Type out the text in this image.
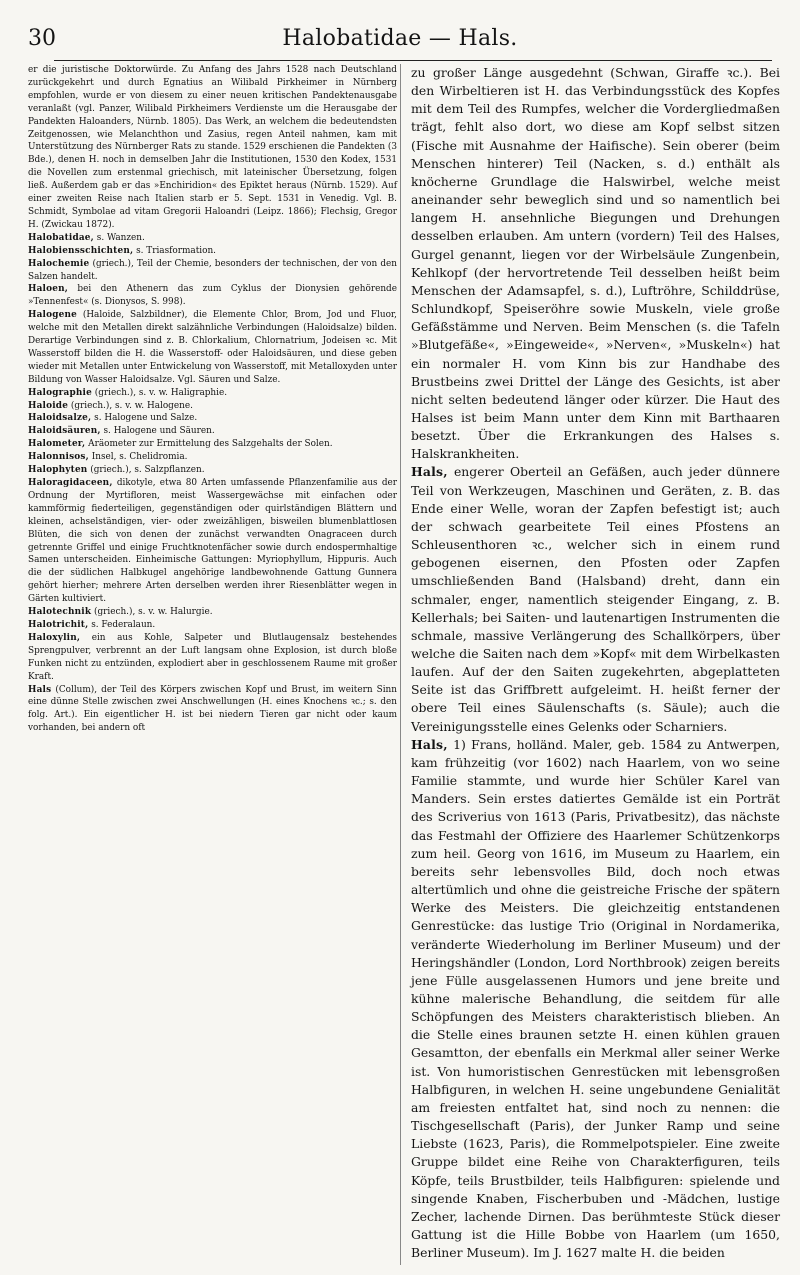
30	Halobatidae — Hals.

er die juristische Doktorwürde. Zu Anfang des Jahrs 1528 nach Deutschland zurückgekehrt und durch Egnatius an Wilibald Pirkheimer in Nürnberg empfohlen, wurde er von diesem zu einer neuen kritischen Pandektenausgabe veranlaßt (vgl. Panzer, Wilibald Pirkheimers Verdienste um die Herausgabe der Pandekten Haloanders, Nürnb. 1805). Das Werk, an welchem die bedeutendsten Zeitgenossen, wie Melanchthon und Zasius, regen Anteil nahmen, kam mit Unterstützung des Nürnberger Rats zu stande. 1529 erschienen die Pandekten (3 Bde.), denen H. noch in demselben Jahr die Institutionen, 1530 den Kodex, 1531 die Novellen zum erstenmal griechisch, mit lateinischer Übersetzung, folgen ließ. Außerdem gab er das »Enchiridion« des Epiktet heraus (Nürnb. 1529). Auf einer zweiten Reise nach Italien starb er 5. Sept. 1531 in Venedig. Vgl. B. Schmidt, Symbolae ad vitam Gregorii Haloandri (Leipz. 1866); Flechsig, Gregor H. (Zwickau 1872).

Halobatidae, s. Wanzen.

Halobiensschichten, s. Triasformation.

Halochemie (griech.), Teil der Chemie, besonders der technischen, der von den Salzen handelt.

Haloen, bei den Athenern das zum Cyklus der Dionysien gehörende »Tennenfest« (s. Dionysos, S. 998).

Halogene (Haloide, Salzbildner), die Elemente Chlor, Brom, Jod und Fluor, welche mit den Metallen direkt salzähnliche Verbindungen (Haloidsalze) bilden. Derartige Verbindungen sind z. B. Chlorkalium, Chlornatrium, Jodeisen ꝛc. Mit Wasserstoff bilden die H. die Wasserstoff- oder Haloidsäuren, und diese geben wieder mit Metallen unter Entwickelung von Wasserstoff, mit Metalloxyden unter Bildung von Wasser Haloidsalze. Vgl. Säuren und Salze.

Halographie (griech.), s. v. w. Haligraphie.

Haloide (griech.), s. v. w. Halogene.

Haloidsalze, s. Halogene und Salze.

Haloidsäuren, s. Halogene und Säuren.

Halometer, Aräometer zur Ermittelung des Salzgehalts der Solen.

Halonnisos, Insel, s. Chelidromia.

Halophyten (griech.), s. Salzpflanzen.

Haloragidaceen, dikotyle, etwa 80 Arten umfassende Pflanzenfamilie aus der Ordnung der Myrtifloren, meist Wassergewächse mit einfachen oder kammförmig fiederteiligen, gegenständigen oder quirlständigen Blättern und kleinen, achselständigen, vier- oder zweizähligen, bisweilen blumenblattlosen Blüten, die sich von denen der zunächst verwandten Onagraceen durch getrennte Griffel und einige Fruchtknotenfächer sowie durch endospermhaltige Samen unterscheiden. Einheimische Gattungen: Myriophyllum, Hippuris. Auch die der südlichen Halbkugel angehörige landbewohnende Gattung Gunnera gehört hierher; mehrere Arten derselben werden ihrer Riesenblätter wegen in Gärten kultiviert.

Halotechnik (griech.), s. v. w. Halurgie.

Halotrichit, s. Federalaun.

Haloxylin, ein aus Kohle, Salpeter und Blutlaugensalz bestehendes Sprengpulver, verbrennt an der Luft langsam ohne Explosion, ist durch bloße Funken nicht zu entzünden, explodiert aber in geschlossenem Raume mit großer Kraft.

Hals (Collum), der Teil des Körpers zwischen Kopf und Brust, im weitern Sinn eine dünne Stelle zwischen zwei Anschwellungen (H. eines Knochens ꝛc.; s. den folg. Art.). Ein eigentlicher H. ist bei niedern Tieren gar nicht oder kaum vorhanden, bei andern oft

zu großer Länge ausgedehnt (Schwan, Giraffe ꝛc.). Bei den Wirbeltieren ist H. das Verbindungsstück des Kopfes mit dem Teil des Rumpfes, welcher die Vordergliedmaßen trägt, fehlt also dort, wo diese am Kopf selbst sitzen (Fische mit Ausnahme der Haifische). Sein oberer (beim Menschen hinterer) Teil (Nacken, s. d.) enthält als knöcherne Grundlage die Halswirbel, welche meist aneinander sehr beweglich sind und so namentlich bei langem H. ansehnliche Biegungen und Drehungen desselben erlauben. Am untern (vordern) Teil des Halses, Gurgel genannt, liegen vor der Wirbelsäule Zungenbein, Kehlkopf (der hervortretende Teil desselben heißt beim Menschen der Adamsapfel, s. d.), Luftröhre, Schilddrüse, Schlundkopf, Speiseröhre sowie Muskeln, viele große Gefäßstämme und Nerven. Beim Menschen (s. die Tafeln »Blutgefäße«, »Eingeweide«, »Nerven«, »Muskeln«) hat ein normaler H. vom Kinn bis zur Handhabe des Brustbeins zwei Drittel der Länge des Gesichts, ist aber nicht selten bedeutend länger oder kürzer. Die Haut des Halses ist beim Mann unter dem Kinn mit Barthaaren besetzt. Über die Erkrankungen des Halses s. Halskrankheiten.

Hals, engerer Oberteil an Gefäßen, auch jeder dünnere Teil von Werkzeugen, Maschinen und Geräten, z. B. das Ende einer Welle, woran der Zapfen befestigt ist; auch der schwach gearbeitete Teil eines Pfostens an Schleusenthoren ꝛc., welcher sich in einem rund gebogenen eisernen, den Pfosten oder Zapfen umschließenden Band (Halsband) dreht, dann ein schmaler, enger, namentlich steigender Eingang, z. B. Kellerhals; bei Saiten- und lautenartigen Instrumenten die schmale, massive Verlängerung des Schallkörpers, über welche die Saiten nach dem »Kopf« mit dem Wirbelkasten laufen. Auf der den Saiten zugekehrten, abgeplatteten Seite ist das Griffbrett aufgeleimt. H. heißt ferner der obere Teil eines Säulenschafts (s. Säule); auch die Vereinigungsstelle eines Gelenks oder Scharniers.

Hals, 1) Frans, holländ. Maler, geb. 1584 zu Antwerpen, kam frühzeitig (vor 1602) nach Haarlem, von wo seine Familie stammte, und wurde hier Schüler Karel van Manders. Sein erstes datiertes Gemälde ist ein Porträt des Scriverius von 1613 (Paris, Privatbesitz), das nächste das Festmahl der Offiziere des Haarlemer Schützenkorps zum heil. Georg von 1616, im Museum zu Haarlem, ein bereits sehr lebensvolles Bild, doch noch etwas altertümlich und ohne die geistreiche Frische der spätern Werke des Meisters. Die gleichzeitig entstandenen Genrestücke: das lustige Trio (Original in Nordamerika, veränderte Wiederholung im Berliner Museum) und der Heringshändler (London, Lord Northbrook) zeigen bereits jene Fülle ausgelassenen Humors und jene breite und kühne malerische Behandlung, die seitdem für alle Schöpfungen des Meisters charakteristisch blieben. An die Stelle eines braunen setzte H. einen kühlen grauen Gesamtton, der ebenfalls ein Merkmal aller seiner Werke ist. Von humoristischen Genrestücken mit lebensgroßen Halbfiguren, in welchen H. seine ungebundene Genialität am freiesten entfaltet hat, sind noch zu nennen: die Tischgesellschaft (Paris), der Junker Ramp und seine Liebste (1623, Paris), die Rommelpotspieler. Eine zweite Gruppe bildet eine Reihe von Charakterfiguren, teils Köpfe, teils Brustbilder, teils Halbfiguren: spielende und singende Knaben, Fischerbuben und -Mädchen, lustige Zecher, lachende Dirnen. Das berühmteste Stück dieser Gattung ist die Hille Bobbe von Haarlem (um 1650, Berliner Museum). Im J. 1627 malte H. die beiden
